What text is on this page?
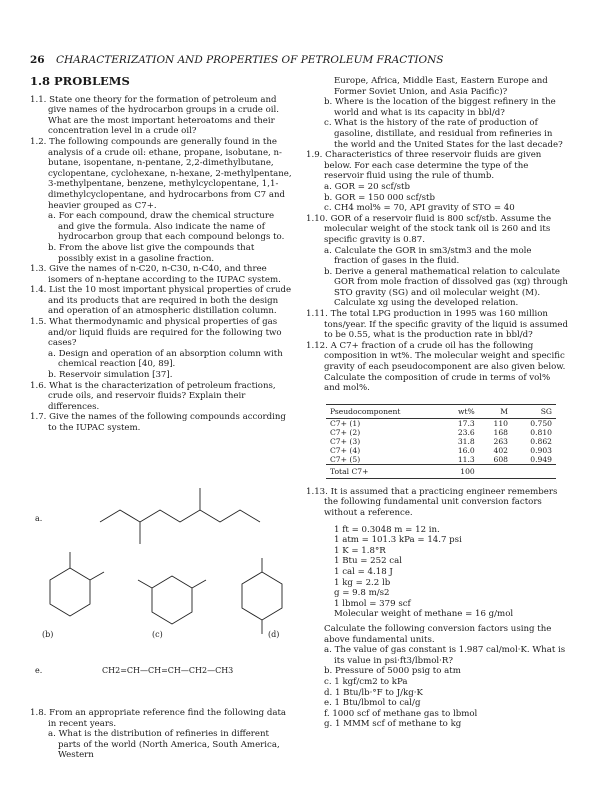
26 CHARACTERIZATION AND PROPERTIES OF PETROLEUM FRACTIONS
1.8 PROBLEMS

1.1. State one theory for the formation of petroleum and give names of the hydrocarbon groups in a crude oil. What are the most important heteroatoms and their concentration level in a crude oil?

1.2. The following compounds are generally found in the analysis of a crude oil: ethane, propane, isobutane, n-butane, isopentane, n-pentane, 2,2-dimethylbutane, cyclopentane, cyclohexane, n-hexane, 2-methylpentane, 3-methylpentane, benzene, methylcyclopentane, 1,1-dimethylcyclopentane, and hydrocarbons from C7 and heavier grouped as C7+.

a. For each compound, draw the chemical structure and give the formula. Also indicate the name of hydrocarbon group that each compound belongs to.

b. From the above list give the compounds that possibly exist in a gasoline fraction.

1.3. Give the names of n-C20, n-C30, n-C40, and three isomers of n-heptane according to the IUPAC system.

1.4. List the 10 most important physical properties of crude and its products that are required in both the design and operation of an atmospheric distillation column.

1.5. What thermodynamic and physical properties of gas and/or liquid fluids are required for the following two cases?

a. Design and operation of an absorption column with chemical reaction [40, 89].

b. Reservoir simulation [37].

1.6. What is the characterization of petroleum fractions, crude oils, and reservoir fluids? Explain their differences.

1.7. Give the names of the following compounds according to the IUPAC system.

a.
(b)	(c)	(d)
e.	CH2=CH—CH=CH—CH2—CH3

1.8. From an appropriate reference find the following data in recent years.

a. What is the distribution of refineries in different parts of the world (North America, South America, Western

Europe, Africa, Middle East, Eastern Europe and Former Soviet Union, and Asia Pacific)?

b. Where is the location of the biggest refinery in the world and what is its capacity in bbl/d?

c. What is the history of the rate of production of gasoline, distillate, and residual from refineries in the world and the United States for the last decade?

1.9. Characteristics of three reservoir fluids are given below. For each case determine the type of the reservoir fluid using the rule of thumb.

a. GOR = 20 scf/stb

b. GOR = 150 000 scf/stb

c. CH4 mol% = 70, API gravity of STO = 40

1.10. GOR of a reservoir fluid is 800 scf/stb. Assume the molecular weight of the stock tank oil is 260 and its specific gravity is 0.87.

a. Calculate the GOR in sm3/stm3 and the mole fraction of gases in the fluid.

b. Derive a general mathematical relation to calculate GOR from mole fraction of dissolved gas (xg) through STO gravity (SG) and oil molecular weight (M). Calculate xg using the developed relation.

1.11. The total LPG production in 1995 was 160 million tons/year. If the specific gravity of the liquid is assumed to be 0.55, what is the production rate in bbl/d?

1.12. A C7+ fraction of a crude oil has the following composition in wt%. The molecular weight and specific gravity of each pseudocomponent are also given below. Calculate the composition of crude in terms of vol% and mol%.

Pseudocomponent	wt%	M	SG
C7+ (1)	17.3	110	0.750
C7+ (2)	23.6	168	0.810
C7+ (3)	31.8	263	0.862
C7+ (4)	16.0	402	0.903
C7+ (5)	11.3	608	0.949
Total C7+	100		

1.13. It is assumed that a practicing engineer remembers the following fundamental unit conversion factors without a reference.

1 ft = 0.3048 m = 12 in.
1 atm = 101.3 kPa = 14.7 psi
1 K = 1.8°R
1 Btu = 252 cal
1 cal = 4.18 J
1 kg = 2.2 lb
g = 9.8 m/s2
1 lbmol = 379 scf
Molecular weight of methane = 16 g/mol

Calculate the following conversion factors using the above fundamental units.

a. The value of gas constant is 1.987 cal/mol·K. What is its value in psi·ft3/lbmol·R?

b. Pressure of 5000 psig to atm

c. 1 kgf/cm2 to kPa

d. 1 Btu/lb·°F to J/kg·K

e. 1 Btu/lbmol to cal/g

f. 1000 scf of methane gas to lbmol

g. 1 MMM scf of methane to kg
